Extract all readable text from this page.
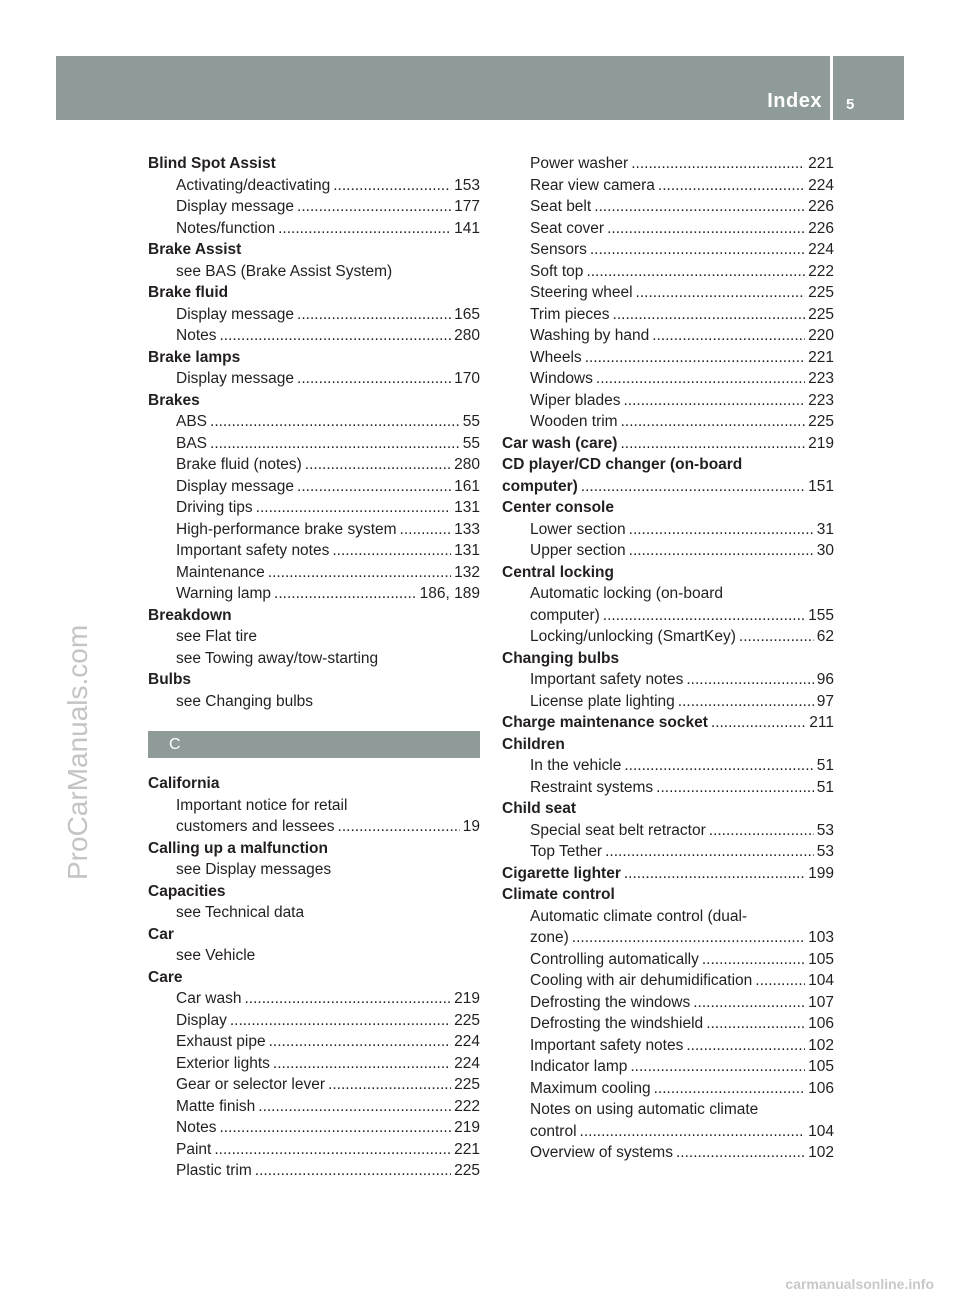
Index 5
ProCarManuals.com
Blind Spot Assist
Activating/deactivating .....	153
Display message .....	177
Notes/function .....	141
Brake Assist
see BAS (Brake Assist System)
Brake fluid
Display message .....	165
Notes .....	280
Brake lamps
Display message .....	170
Brakes
ABS .....	55
BAS .....	55
Brake fluid (notes) .....	280
Display message .....	161
Driving tips .....	131
High-performance brake system .....	133
Important safety notes .....	131
Maintenance .....	132
Warning lamp .....	186, 189
Breakdown
see Flat tire
see Towing away/tow-starting
Bulbs
see Changing bulbs
C
California
Important notice for retail
customers and lessees .....	19
Calling up a malfunction
see Display messages
Capacities
see Technical data
Car
see Vehicle
Care
Car wash .....	219
Display .....	225
Exhaust pipe .....	224
Exterior lights .....	224
Gear or selector lever .....	225
Matte finish .....	222
Notes .....	219
Paint .....	221
Plastic trim .....	225
Power washer .....	221
Rear view camera .....	224
Seat belt .....	226
Seat cover .....	226
Sensors .....	224
Soft top .....	222
Steering wheel .....	225
Trim pieces .....	225
Washing by hand .....	220
Wheels .....	221
Windows .....	223
Wiper blades .....	223
Wooden trim .....	225
Car wash (care) .....	219
CD player/CD changer (on-board
computer) .....	151
Center console
Lower section .....	31
Upper section .....	30
Central locking
Automatic locking (on-board
computer) .....	155
Locking/unlocking (SmartKey) .....	62
Changing bulbs
Important safety notes .....	96
License plate lighting .....	97
Charge maintenance socket .....	211
Children
In the vehicle .....	51
Restraint systems .....	51
Child seat
Special seat belt retractor .....	53
Top Tether .....	53
Cigarette lighter .....	199
Climate control
Automatic climate control (dual-
zone) .....	103
Controlling automatically .....	105
Cooling with air dehumidification .....	104
Defrosting the windows .....	107
Defrosting the windshield .....	106
Important safety notes .....	102
Indicator lamp .....	105
Maximum cooling .....	106
Notes on using automatic climate
control .....	104
Overview of systems .....	102
carmanualsonline.info
